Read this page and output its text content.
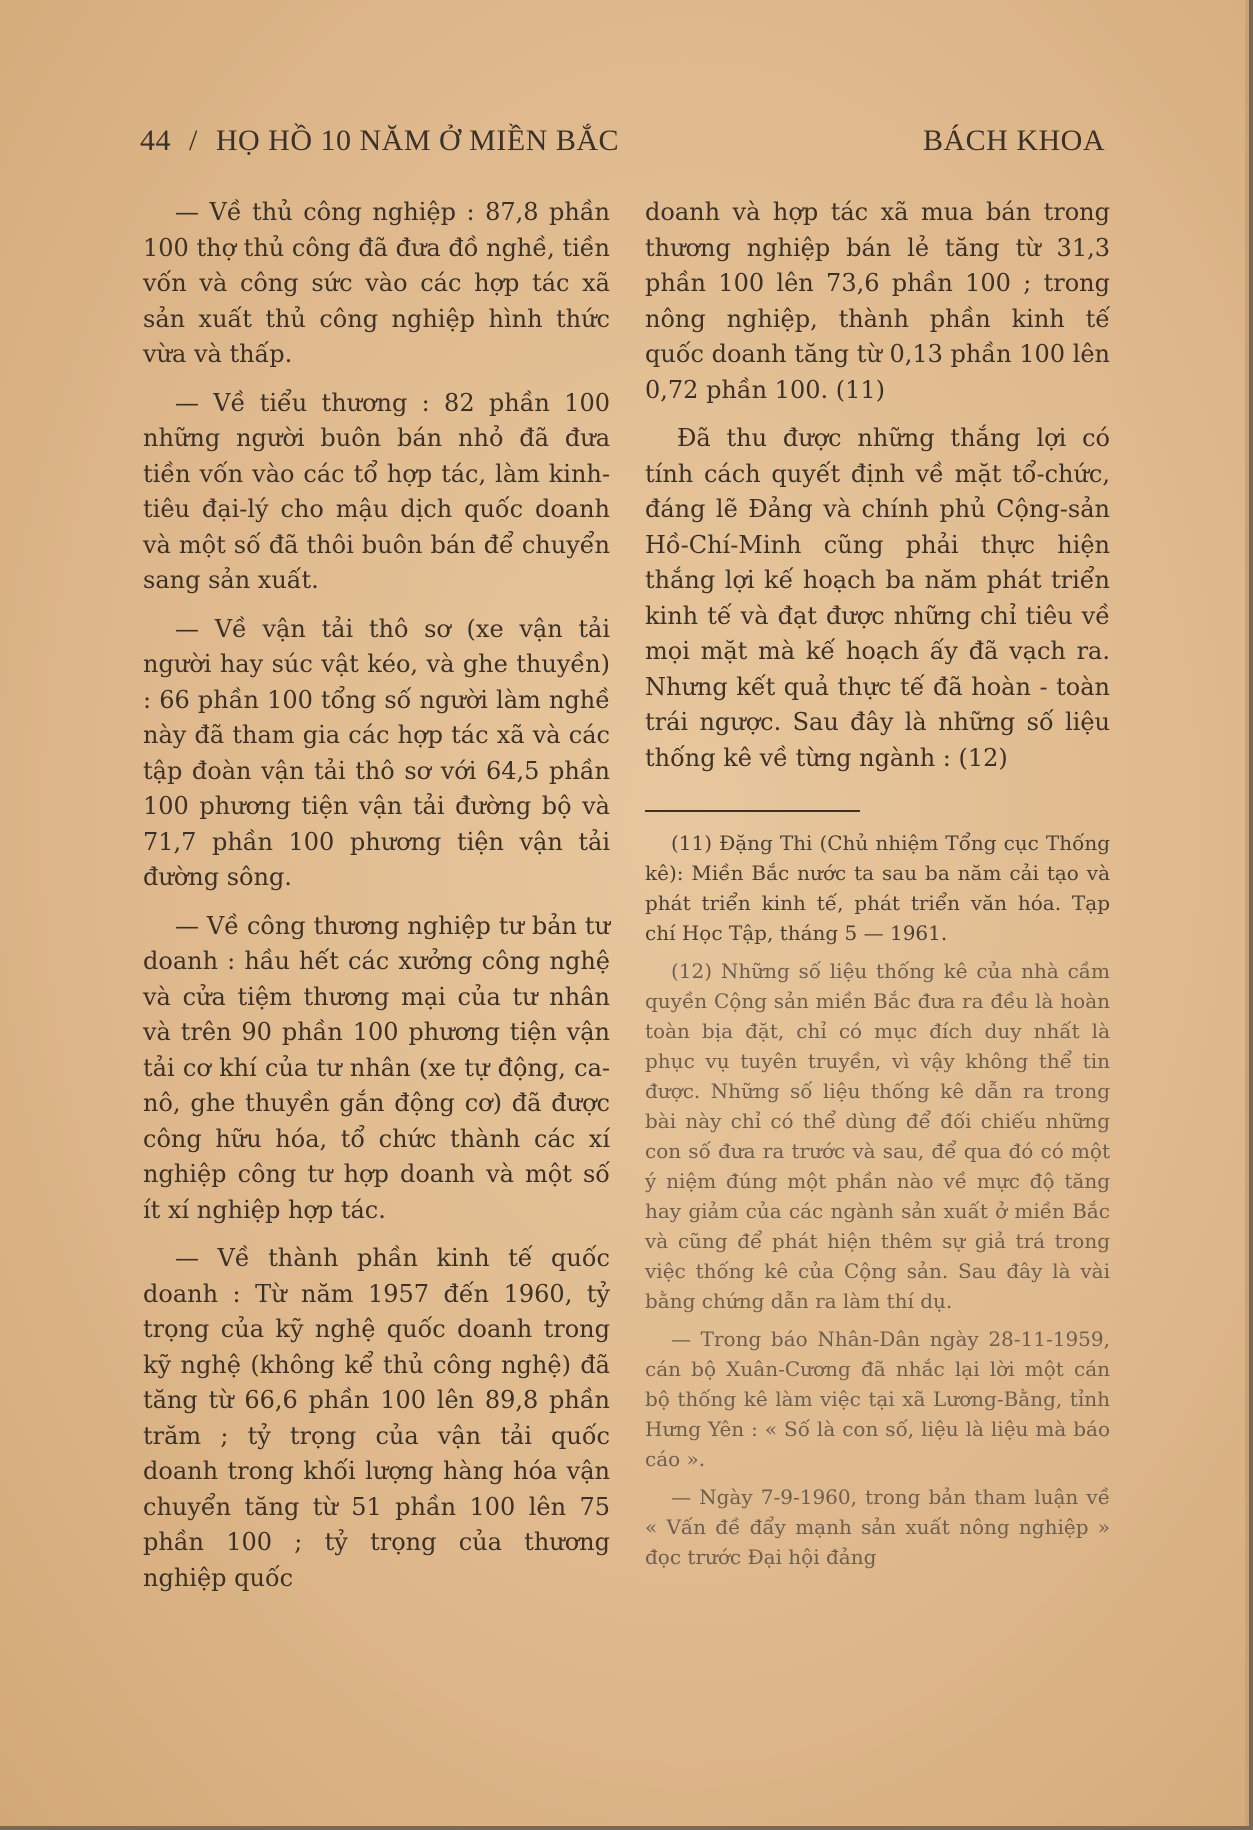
44 / HỌ HỒ 10 NĂM Ở MIỀN BẮC	BÁCH KHOA

— Về thủ công nghiệp : 87,8 phần 100 thợ thủ công đã đưa đồ nghề, tiền vốn và công sức vào các hợp tác xã sản xuất thủ công nghiệp hình thức vừa và thấp.

— Về tiểu thương : 82 phần 100 những người buôn bán nhỏ đã đưa tiền vốn vào các tổ hợp tác, làm kinh-tiêu đại-lý cho mậu dịch quốc doanh và một số đã thôi buôn bán để chuyển sang sản xuất.

— Về vận tải thô sơ (xe vận tải người hay súc vật kéo, và ghe thuyền) : 66 phần 100 tổng số người làm nghề này đã tham gia các hợp tác xã và các tập đoàn vận tải thô sơ với 64,5 phần 100 phương tiện vận tải đường bộ và 71,7 phần 100 phương tiện vận tải đường sông.

— Về công thương nghiệp tư bản tư doanh : hầu hết các xưởng công nghệ và cửa tiệm thương mại của tư nhân và trên 90 phần 100 phương tiện vận tải cơ khí của tư nhân (xe tự động, ca-nô, ghe thuyền gắn động cơ) đã được công hữu hóa, tổ chức thành các xí nghiệp công tư hợp doanh và một số ít xí nghiệp hợp tác.

— Về thành phần kinh tế quốc doanh : Từ năm 1957 đến 1960, tỷ trọng của kỹ nghệ quốc doanh trong kỹ nghệ (không kể thủ công nghệ) đã tăng từ 66,6 phần 100 lên 89,8 phần trăm ; tỷ trọng của vận tải quốc doanh trong khối lượng hàng hóa vận chuyển tăng từ 51 phần 100 lên 75 phần 100 ; tỷ trọng của thương nghiệp quốc

doanh và hợp tác xã mua bán trong thương nghiệp bán lẻ tăng từ 31,3 phần 100 lên 73,6 phần 100 ; trong nông nghiệp, thành phần kinh tế quốc doanh tăng từ 0,13 phần 100 lên 0,72 phần 100. (11)

Đã thu được những thắng lợi có tính cách quyết định về mặt tổ-chức, đáng lẽ Đảng và chính phủ Cộng-sản Hồ-Chí-Minh cũng phải thực hiện thắng lợi kế hoạch ba năm phát triển kinh tế và đạt được những chỉ tiêu về mọi mặt mà kế hoạch ấy đã vạch ra. Nhưng kết quả thực tế đã hoàn - toàn trái ngược. Sau đây là những số liệu thống kê về từng ngành : (12)

(11) Đặng Thi (Chủ nhiệm Tổng cục Thống kê): Miền Bắc nước ta sau ba năm cải tạo và phát triển kinh tế, phát triển văn hóa. Tạp chí Học Tập, tháng 5 — 1961.

(12) Những số liệu thống kê của nhà cầm quyền Cộng sản miền Bắc đưa ra đều là hoàn toàn bịa đặt, chỉ có mục đích duy nhất là phục vụ tuyên truyền, vì vậy không thể tin được. Những số liệu thống kê dẫn ra trong bài này chỉ có thể dùng để đối chiếu những con số đưa ra trước và sau, để qua đó có một ý niệm đúng một phần nào về mực độ tăng hay giảm của các ngành sản xuất ở miền Bắc và cũng để phát hiện thêm sự giả trá trong việc thống kê của Cộng sản. Sau đây là vài bằng chứng dẫn ra làm thí dụ.

— Trong báo Nhân-Dân ngày 28-11-1959, cán bộ Xuân-Cương đã nhắc lại lời một cán bộ thống kê làm việc tại xã Lương-Bằng, tỉnh Hưng Yên : « Số là con số, liệu là liệu mà báo cáo ».

— Ngày 7-9-1960, trong bản tham luận về « Vấn đề đẩy mạnh sản xuất nông nghiệp » đọc trước Đại hội đảng
